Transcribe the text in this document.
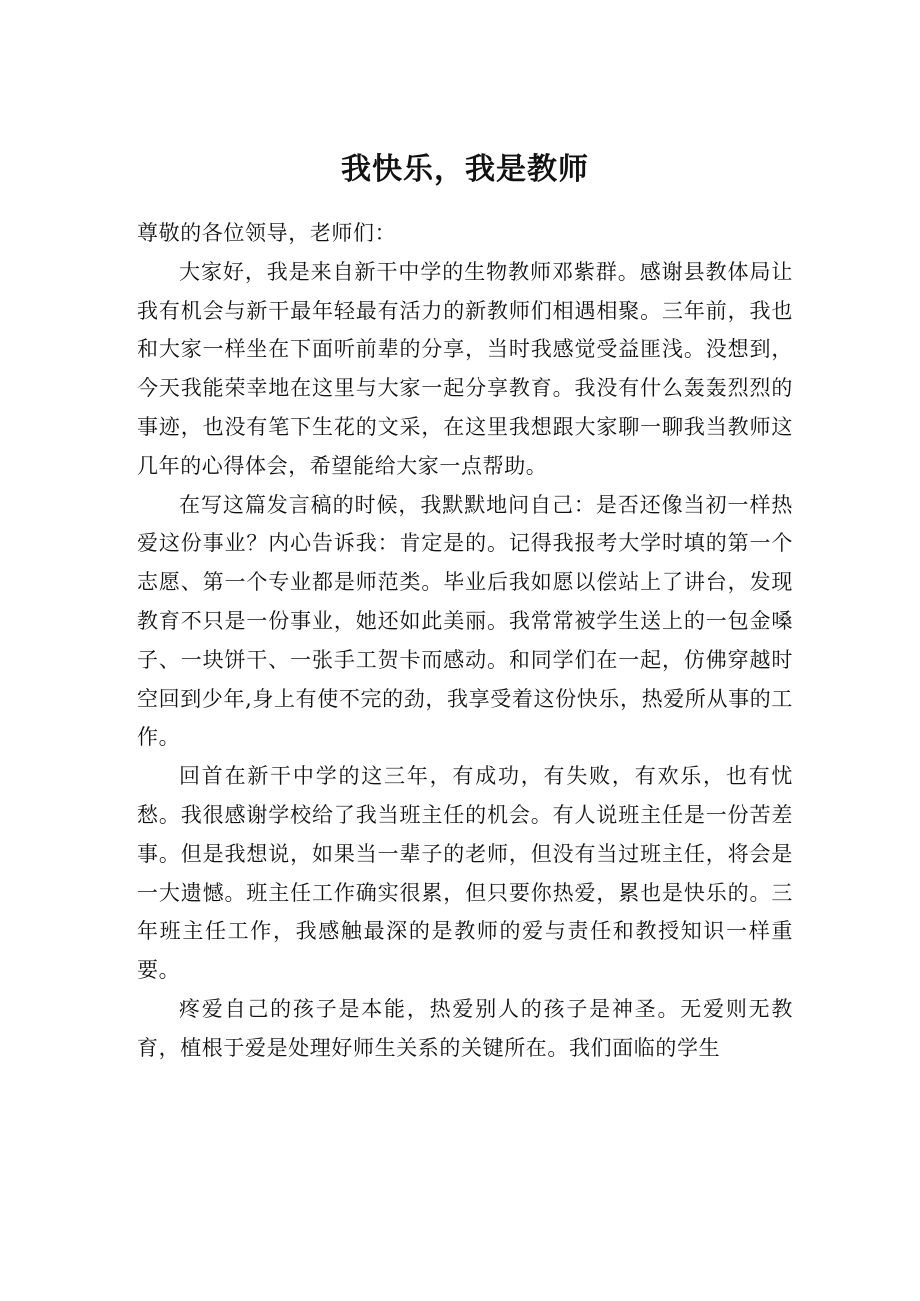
我快乐，我是教师

尊敬的各位领导，老师们：

大家好，我是来自新干中学的生物教师邓紫群。感谢县教体局让我有机会与新干最年轻最有活力的新教师们相遇相聚。三年前，我也和大家一样坐在下面听前辈的分享，当时我感觉受益匪浅。没想到，今天我能荣幸地在这里与大家一起分享教育。我没有什么轰轰烈烈的事迹，也没有笔下生花的文采，在这里我想跟大家聊一聊我当教师这几年的心得体会，希望能给大家一点帮助。

在写这篇发言稿的时候，我默默地问自己：是否还像当初一样热爱这份事业？内心告诉我：肯定是的。记得我报考大学时填的第一个志愿、第一个专业都是师范类。毕业后我如愿以偿站上了讲台，发现教育不只是一份事业，她还如此美丽。我常常被学生送上的一包金嗓子、一块饼干、一张手工贺卡而感动。和同学们在一起，仿佛穿越时空回到少年,身上有使不完的劲，我享受着这份快乐，热爱所从事的工作。

回首在新干中学的这三年，有成功，有失败，有欢乐，也有忧愁。我很感谢学校给了我当班主任的机会。有人说班主任是一份苦差事。但是我想说，如果当一辈子的老师，但没有当过班主任，将会是一大遗憾。班主任工作确实很累，但只要你热爱，累也是快乐的。三年班主任工作，我感触最深的是教师的爱与责任和教授知识一样重要。

疼爱自己的孩子是本能，热爱别人的孩子是神圣。无爱则无教育，植根于爱是处理好师生关系的关键所在。我们面临的学生
